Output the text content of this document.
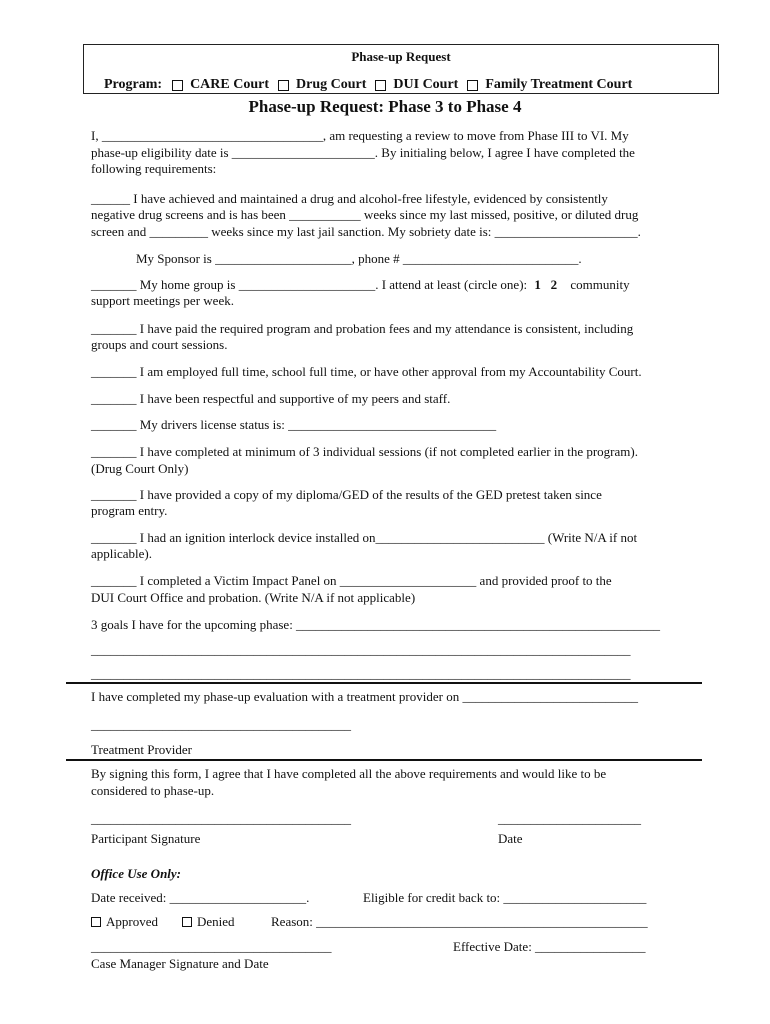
Phase-up Request
Program: CARE Court Drug Court DUI Court Family Treatment Court
Phase-up Request: Phase 3 to Phase 4
I, __________________________________, am requesting a review to move from Phase III to VI. My
phase-up eligibility date is ______________________. By initialing below, I agree I have completed the
following requirements:
______ I have achieved and maintained a drug and alcohol-free lifestyle, evidenced by consistently
negative drug screens and is has been ___________ weeks since my last missed, positive, or diluted drug
screen and _________ weeks since my last jail sanction. My sobriety date is: ______________________.
My Sponsor is _____________________, phone # ___________________________.
_______ My home group is _____________________. I attend at least (circle one): 1   2 community
support meetings per week.
_______ I have paid the required program and probation fees and my attendance is consistent, including
groups and court sessions.
_______ I am employed full time, school full time, or have other approval from my Accountability Court.
_______ I have been respectful and supportive of my peers and staff.
_______ My drivers license status is: ________________________________
_______ I have completed at minimum of 3 individual sessions (if not completed earlier in the program).
(Drug Court Only)
_______ I have provided a copy of my diploma/GED of the results of the GED pretest taken since
program entry.
_______ I had an ignition interlock device installed on__________________________ (Write N/A if not
applicable).
_______ I completed a Victim Impact Panel on _____________________ and provided proof to the
DUI Court Office and probation. (Write N/A if not applicable)
3 goals I have for the upcoming phase: ________________________________________________________
___________________________________________________________________________________
___________________________________________________________________________________
I have completed my phase-up evaluation with a treatment provider on ___________________________
________________________________________
Treatment Provider
By signing this form, I agree that I have completed all the above requirements and would like to be
considered to phase-up.
________________________________________	______________________
Participant Signature	Date
Office Use Only:
Date received: _____________________.	Eligible for credit back to: ______________________
Approved	Denied	Reason: ___________________________________________________
_____________________________________	Effective Date: _________________
Case Manager Signature and Date
